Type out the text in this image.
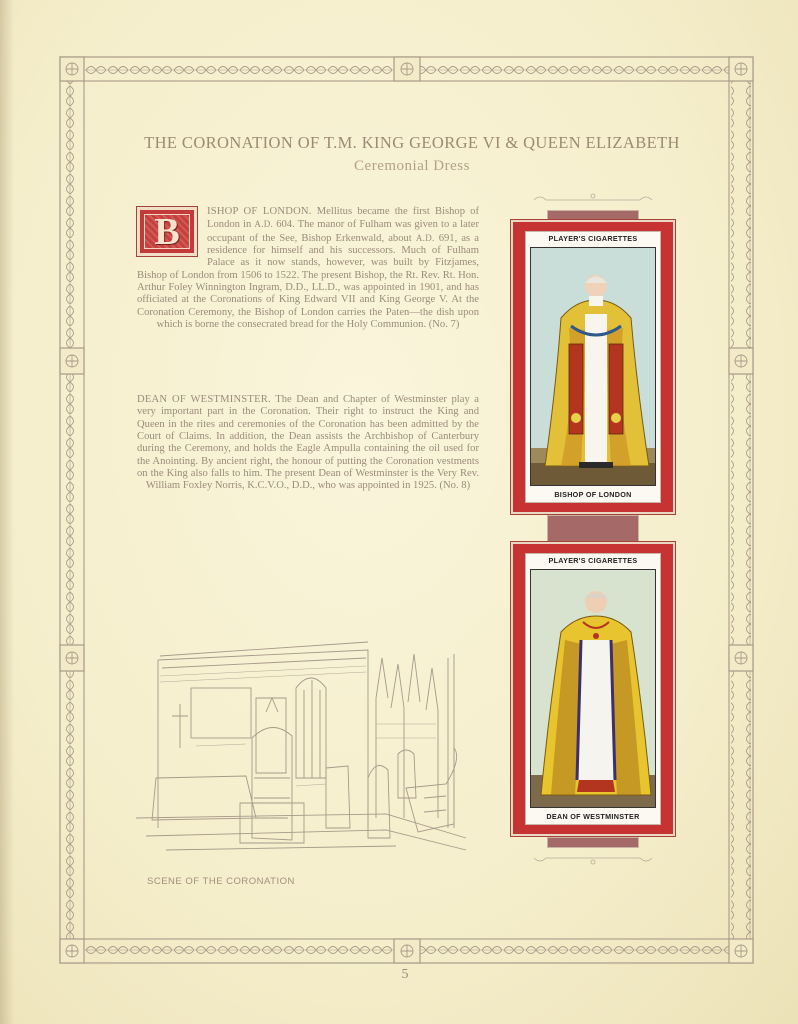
THE CORONATION OF T.M. KING GEORGE VI & QUEEN ELIZABETH
Ceremonial Dress
B	ISHOP OF LONDON. Mellitus became the first Bishop of London in A.D. 604. The manor of Fulham was given to a later occupant of the See, Bishop Erkenwald, about A.D. 691, as a residence for himself and his successors. Much of Fulham Palace as it now stands, however, was built by Fitzjames, Bishop of London from 1506 to 1522. The present Bishop, the Rt. Rev. Rt. Hon. Arthur Foley Winnington Ingram, D.D., LL.D., was appointed in 1901, and has officiated at the Coronations of King Edward VII and King George V. At the Coronation Ceremony, the Bishop of London carries the Paten—the dish upon which is borne the consecrated bread for the Holy Communion. (No. 7)
DEAN OF WESTMINSTER. The Dean and Chapter of Westminster play a very important part in the Coronation. Their right to instruct the King and Queen in the rites and ceremonies of the Coronation has been admitted by the Court of Claims. In addition, the Dean assists the Archbishop of Canterbury during the Ceremony, and holds the Eagle Ampulla containing the oil used for the Anointing. By ancient right, the honour of putting the Coronation vestments on the King also falls to him. The present Dean of Westminster is the Very Rev. William Foxley Norris, K.C.V.O., D.D., who was appointed in 1925. (No. 8)
PLAYER'S CIGARETTES
BISHOP OF LONDON
PLAYER'S CIGARETTES
DEAN OF WESTMINSTER
SCENE OF THE CORONATION
5
